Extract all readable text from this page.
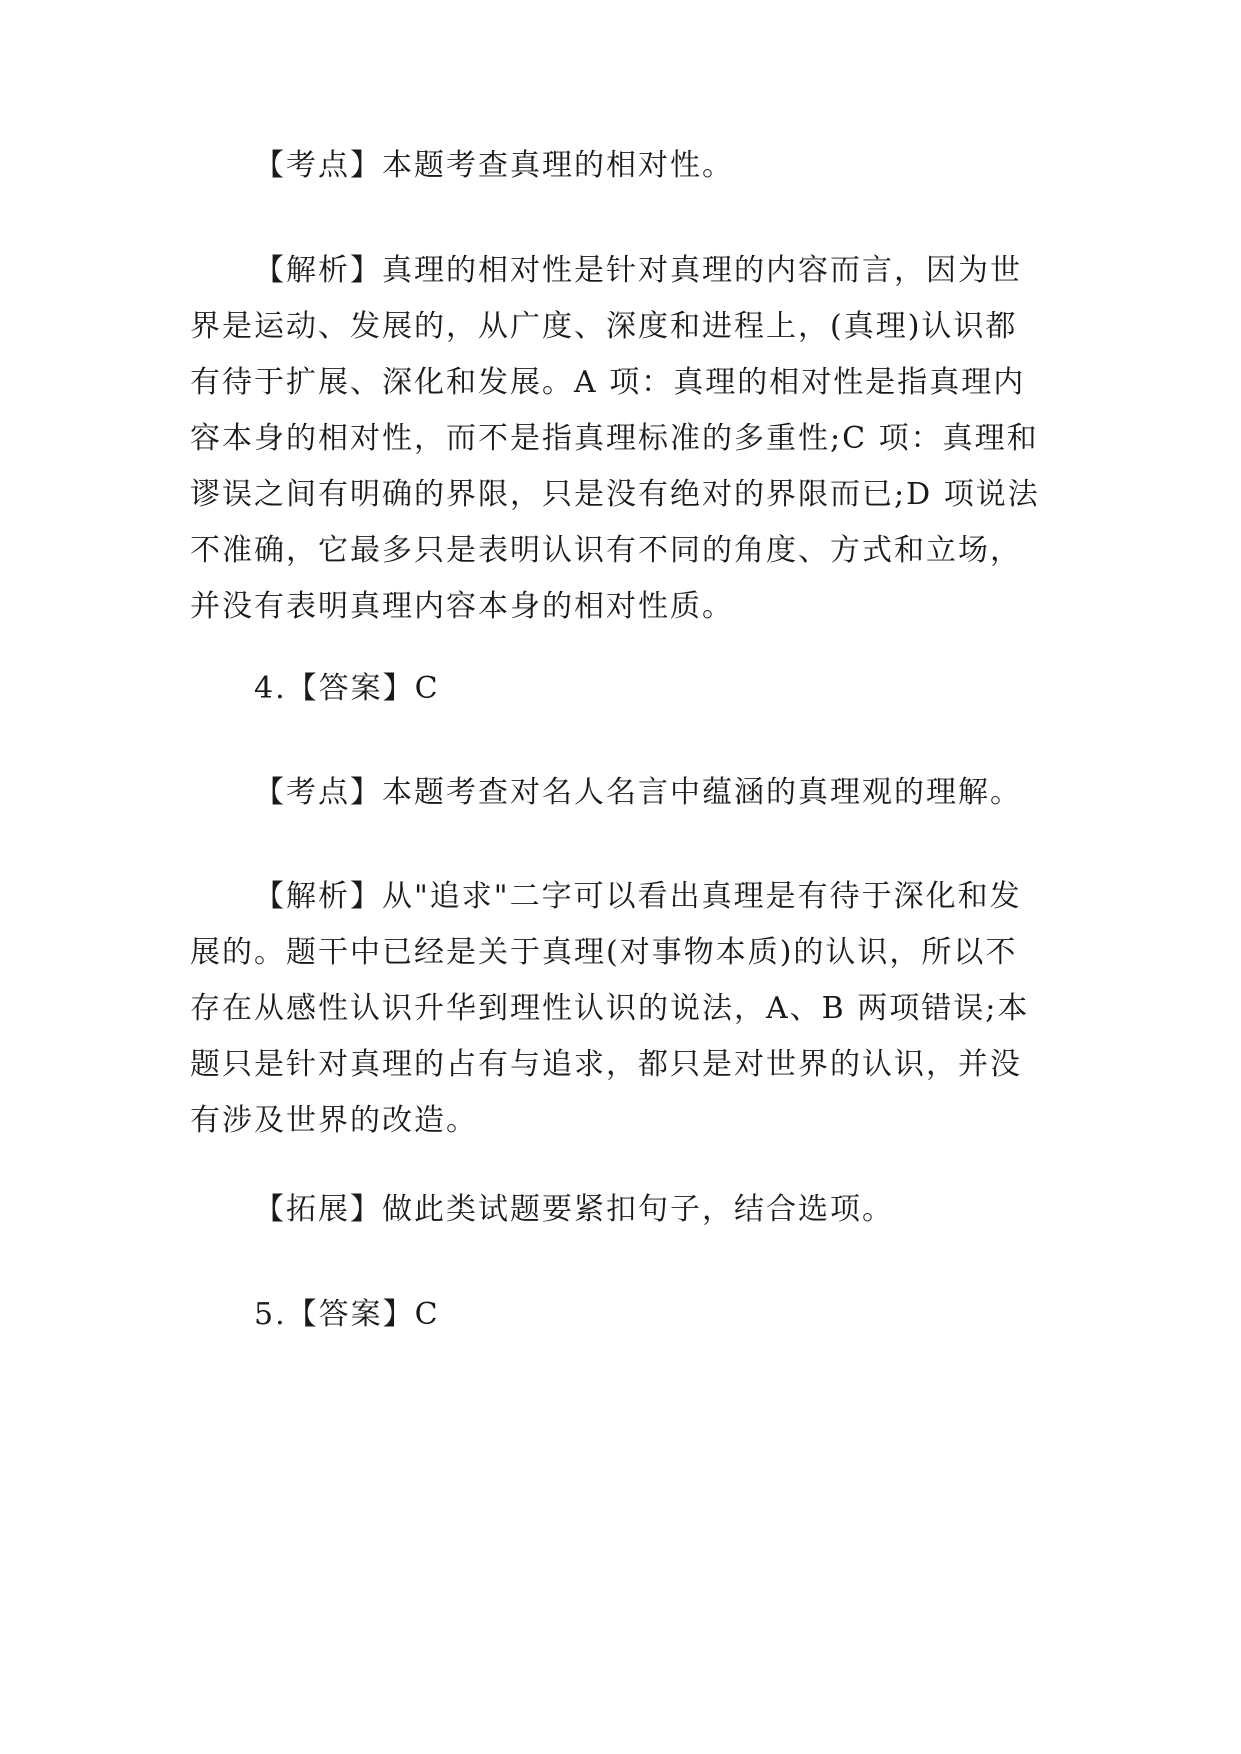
【考点】本题考查真理的相对性。

【解析】真理的相对性是针对真理的内容而言，因为世
界是运动、发展的，从广度、深度和进程上，(真理)认识都
有待于扩展、深化和发展。A 项：真理的相对性是指真理内
容本身的相对性，而不是指真理标准的多重性;C 项：真理和
谬误之间有明确的界限，只是没有绝对的界限而已;D 项说法
不准确，它最多只是表明认识有不同的角度、方式和立场，
并没有表明真理内容本身的相对性质。

4.【答案】C

【考点】本题考查对名人名言中蕴涵的真理观的理解。

【解析】从"追求"二字可以看出真理是有待于深化和发
展的。题干中已经是关于真理(对事物本质)的认识，所以不
存在从感性认识升华到理性认识的说法，A、B 两项错误;本
题只是针对真理的占有与追求，都只是对世界的认识，并没
有涉及世界的改造。

【拓展】做此类试题要紧扣句子，结合选项。

5.【答案】C
